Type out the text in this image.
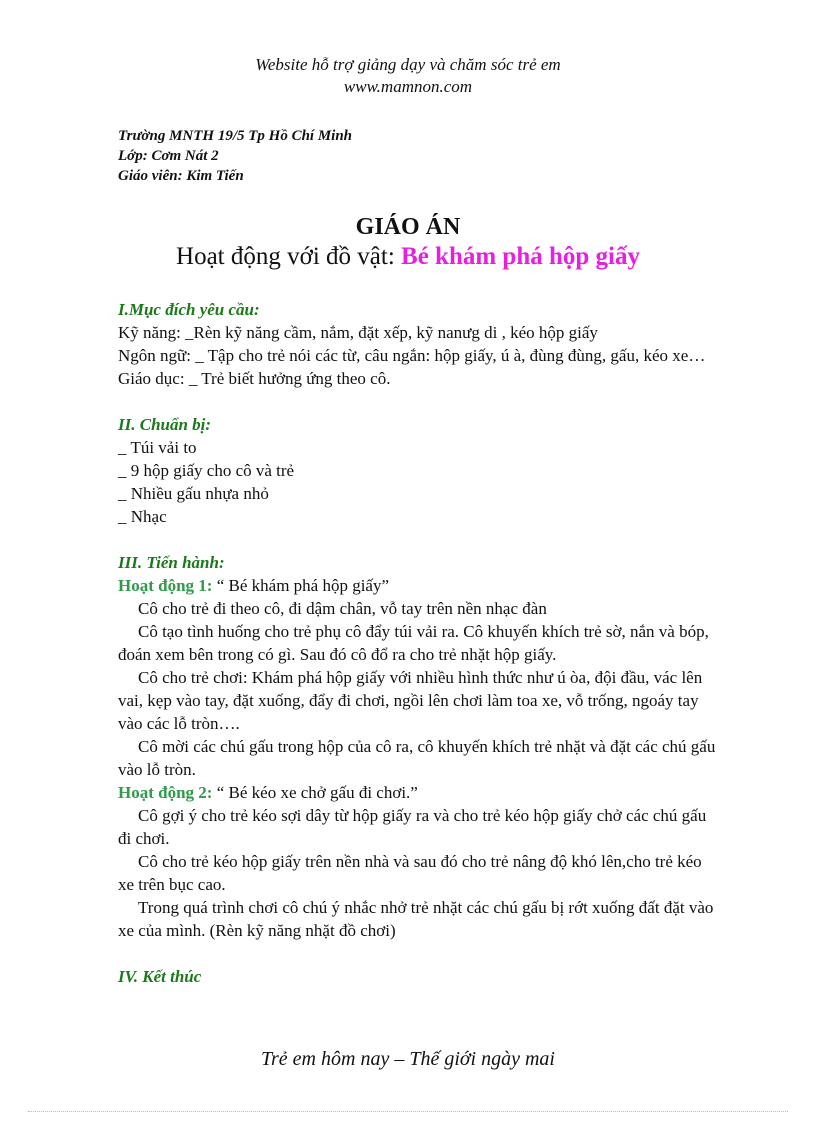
Website hỗ trợ giảng dạy và chăm sóc trẻ em
www.mamnon.com
Trường MNTH 19/5 Tp Hồ Chí Minh
Lớp: Cơm Nát 2
Giáo viên: Kim Tiến
GIÁO ÁN
Hoạt động với đồ vật: Bé khám phá hộp giấy

I.Mục đích yêu cầu:

Kỹ năng: _Rèn kỹ năng cầm, nắm, đặt xếp, kỹ nanưg di , kéo hộp giấy

Ngôn ngữ: _ Tập cho trẻ nói các từ, câu ngắn: hộp giấy, ú à, đùng đùng, gấu, kéo xe…

Giáo dục: _ Trẻ biết hưởng ứng theo cô.

II. Chuẩn bị:

_ Túi vải to

_ 9 hộp giấy cho cô và trẻ

_ Nhiều gấu nhựa nhỏ

_ Nhạc

III. Tiến hành:

Hoạt động 1: “ Bé khám phá hộp giấy”

Cô cho trẻ đi theo cô, đi dậm chân, vỗ tay trên nền nhạc đàn

Cô tạo tình huống cho trẻ phụ cô đẩy túi vải ra. Cô khuyến khích trẻ sờ, nắn và bóp, đoán xem bên trong có gì. Sau đó cô đổ ra cho trẻ nhặt hộp giấy.

Cô cho trẻ chơi: Khám phá hộp giấy với nhiều hình thức như ú òa, đội đầu, vác lên vai, kẹp vào tay, đặt xuống, đẩy đi chơi, ngồi lên chơi làm toa xe, vỗ trống, ngoáy tay vào các lỗ tròn….

Cô mời các chú gấu trong hộp của cô ra, cô khuyến khích trẻ nhặt và đặt các chú gấu vào lỗ tròn.

Hoạt động 2: “ Bé kéo xe chở gấu đi chơi.”

Cô gợi ý cho trẻ kéo sợi dây từ hộp giấy ra và cho trẻ kéo hộp giấy chở các chú gấu đi chơi.

Cô cho trẻ kéo hộp giấy trên nền nhà và sau đó cho trẻ nâng độ khó lên,cho trẻ kéo xe trên bục cao.

Trong quá trình chơi cô chú ý nhắc nhở trẻ nhặt các chú gấu bị rớt xuống đất đặt vào xe của mình. (Rèn kỹ năng nhặt đồ chơi)

IV. Kết thúc

Trẻ em hôm nay – Thế giới ngày mai
